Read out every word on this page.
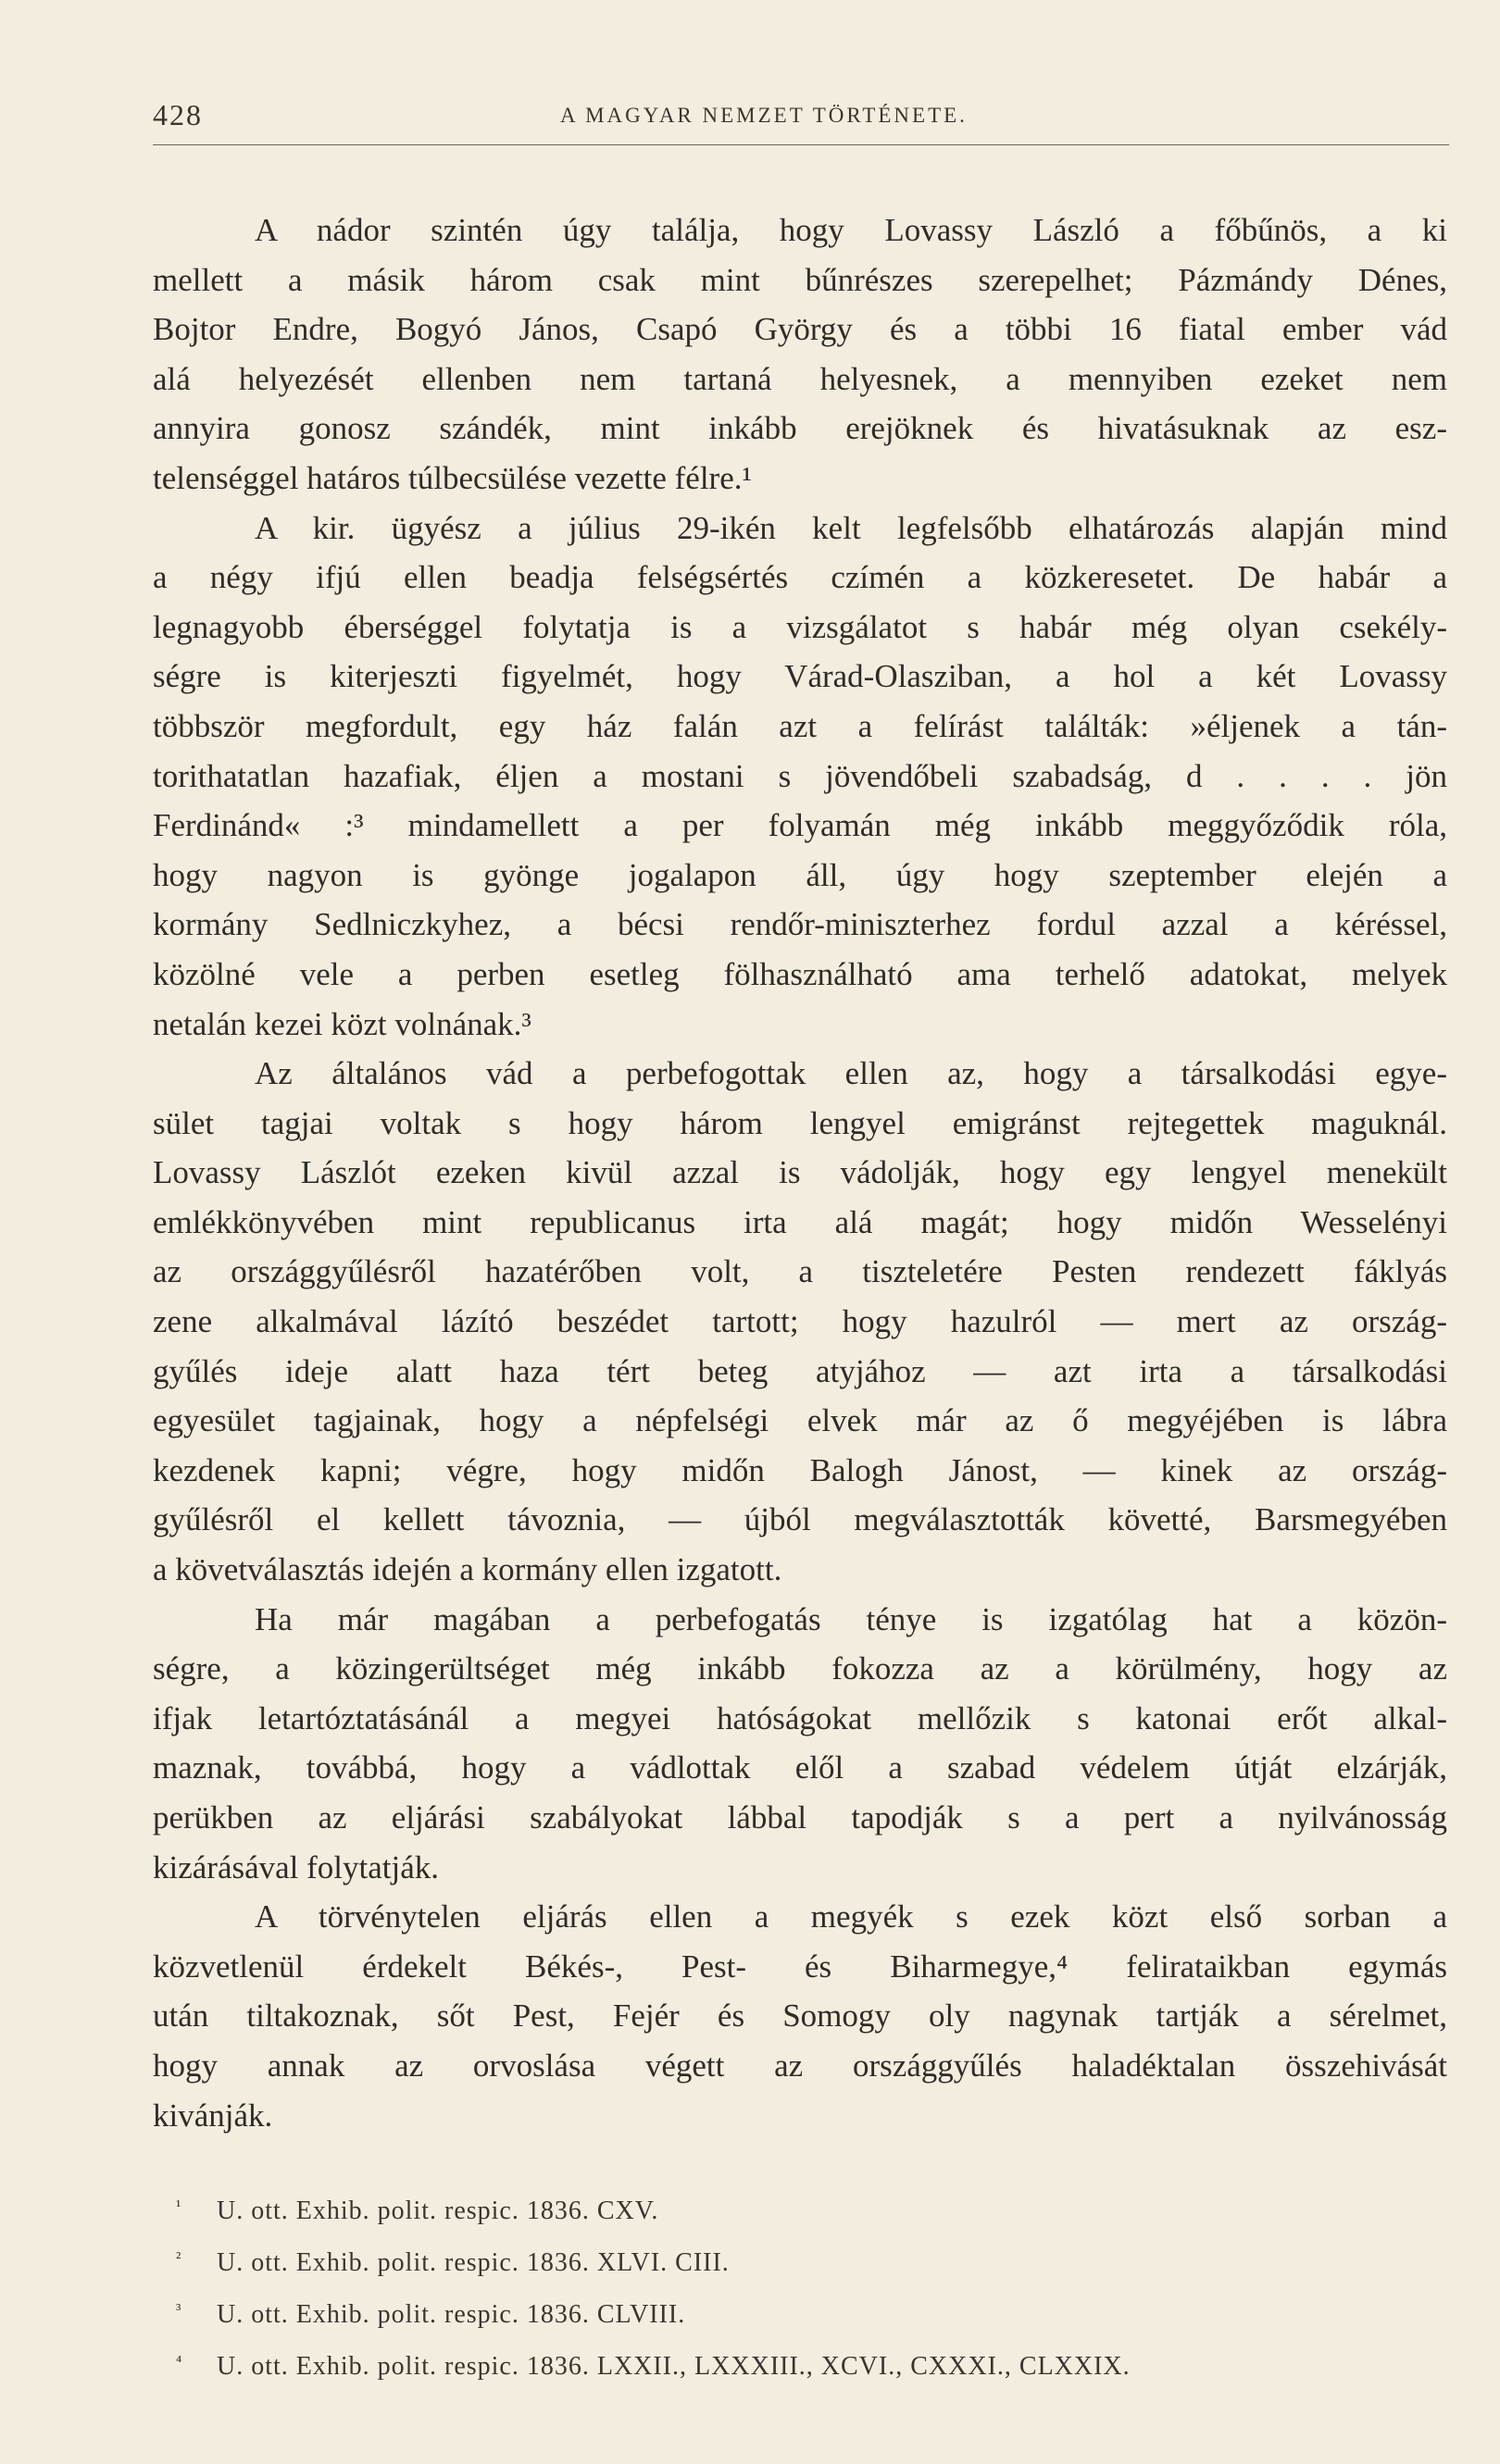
428	A MAGYAR NEMZET TÖRTÉNETE.
A nádor szintén úgy találja, hogy Lovassy László a főbűnös, a ki
mellett a másik három csak mint bűnrészes szerepelhet; Pázmándy Dénes,
Bojtor Endre, Bogyó János, Csapó György és a többi 16 fiatal ember vád
alá helyezését ellenben nem tartaná helyesnek, a mennyiben ezeket nem
annyira gonosz szándék, mint inkább erejöknek és hivatásuknak az esz-
telenséggel határos túlbecsülése vezette félre.¹
A kir. ügyész a július 29-ikén kelt legfelsőbb elhatározás alapján mind
a négy ifjú ellen beadja felségsértés czímén a közkeresetet. De habár a
legnagyobb éberséggel folytatja is a vizsgálatot s habár még olyan csekély-
ségre is kiterjeszti figyelmét, hogy Várad-Olasziban, a hol a két Lovassy
többször megfordult, egy ház falán azt a felírást találták: »éljenek a tán-
torithatatlan hazafiak, éljen a mostani s jövendőbeli szabadság, d . . . . jön
Ferdinánd« :³ mindamellett a per folyamán még inkább meggyőződik róla,
hogy nagyon is gyönge jogalapon áll, úgy hogy szeptember elején a
kormány Sedlniczkyhez, a bécsi rendőr-miniszterhez fordul azzal a kéréssel,
közölné vele a perben esetleg fölhasználható ama terhelő adatokat, melyek
netalán kezei közt volnának.³
Az általános vád a perbefogottak ellen az, hogy a társalkodási egye-
sület tagjai voltak s hogy három lengyel emigránst rejtegettek maguknál.
Lovassy Lászlót ezeken kivül azzal is vádolják, hogy egy lengyel menekült
emlékkönyvében mint republicanus irta alá magát; hogy midőn Wesselényi
az országgyűlésről hazatérőben volt, a tiszteletére Pesten rendezett fáklyás
zene alkalmával lázító beszédet tartott; hogy hazulról — mert az ország-
gyűlés ideje alatt haza tért beteg atyjához — azt irta a társalkodási
egyesület tagjainak, hogy a népfelségi elvek már az ő megyéjében is lábra
kezdenek kapni; végre, hogy midőn Balogh Jánost, — kinek az ország-
gyűlésről el kellett távoznia, — újból megválasztották követté, Barsmegyében
a követválasztás idején a kormány ellen izgatott.
Ha már magában a perbefogatás ténye is izgatólag hat a közön-
ségre, a közingerültséget még inkább fokozza az a körülmény, hogy az
ifjak letartóztatásánál a megyei hatóságokat mellőzik s katonai erőt alkal-
maznak, továbbá, hogy a vádlottak elől a szabad védelem útját elzárják,
perükben az eljárási szabályokat lábbal tapodják s a pert a nyilvánosság
kizárásával folytatják.
A törvénytelen eljárás ellen a megyék s ezek közt első sorban a
közvetlenül érdekelt Békés-, Pest- és Biharmegye,⁴ felirataikban egymás
után tiltakoznak, sőt Pest, Fejér és Somogy oly nagynak tartják a sérelmet,
hogy annak az orvoslása végett az országgyűlés haladéktalan összehivását
kivánják.
¹ U. ott. Exhib. polit. respic. 1836. CXV.
² U. ott. Exhib. polit. respic. 1836. XLVI. CIII.
³ U. ott. Exhib. polit. respic. 1836. CLVIII.
⁴ U. ott. Exhib. polit. respic. 1836. LXXII., LXXXIII., XCVI., CXXXI., CLXXIX.
